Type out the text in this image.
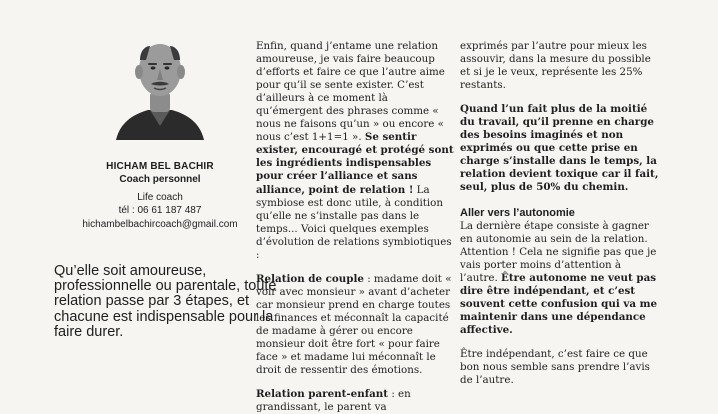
HICHAM BEL BACHIR
Coach personnel
Life coach
tél : 06 61 187 487
hichambelbachircoach@gmail.com
Qu’elle soit amoureuse, professionnelle ou parentale, toute relation passe par 3 étapes, et chacune est indispensable pour la faire durer.

Enfin, quand j’entame une relation amoureuse, je vais faire beaucoup d’efforts et faire ce que l’autre aime pour qu’il se sente exister. C’est d’ailleurs à ce moment là qu’émergent des phrases comme « nous ne faisons qu’un » ou encore « nous c’est 1+1=1 ». Se sentir exister, encouragé et protégé sont les ingrédients indispensables pour créer l’alliance et sans alliance, point de relation ! La symbiose est donc utile, à condition qu’elle ne s’installe pas dans le temps... Voici quelques exemples d’évolution de relations symbiotiques :

Relation de couple : madame doit « voir avec monsieur » avant d’acheter car monsieur prend en charge toutes les finances et méconnaît la capacité de madame à gérer ou encore monsieur doit être fort « pour faire face » et madame lui méconnaît le droit de ressentir des émotions.

Relation parent-enfant : en grandissant, le parent va

exprimés par l’autre pour mieux les assouvir, dans la mesure du possible et si je le veux, représente les 25% restants.

Quand l’un fait plus de la moitié du travail, qu’il prenne en charge des besoins imaginés et non exprimés ou que cette prise en charge s’installe dans le temps, la relation devient toxique car il fait, seul, plus de 50% du chemin.

Aller vers l’autonomie

La dernière étape consiste à gagner en autonomie au sein de la relation. Attention ! Cela ne signifie pas que je vais porter moins d’attention à l’autre. Être autonome ne veut pas dire être indépendant, et c’est souvent cette confusion qui va me maintenir dans une dépendance affective.

Être indépendant, c’est faire ce que bon nous semble sans prendre l’avis de l’autre.
